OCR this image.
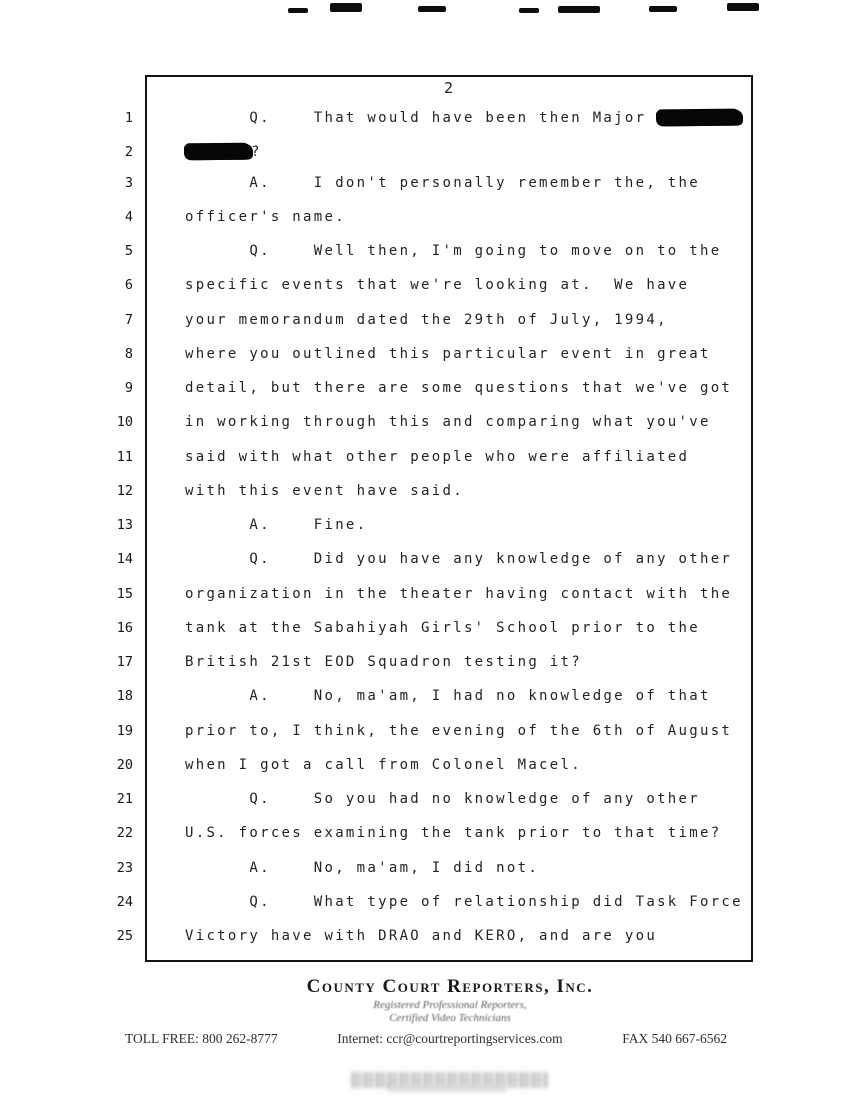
2
1	Q.    That would have been then Major
2	?
3	A.    I don't personally remember the, the
4	officer's name.
5	Q.    Well then, I'm going to move on to the
6	specific events that we're looking at.  We have
7	your memorandum dated the 29th of July, 1994,
8	where you outlined this particular event in great
9	detail, but there are some questions that we've got
10	in working through this and comparing what you've
11	said with what other people who were affiliated
12	with this event have said.
13	A.    Fine.
14	Q.    Did you have any knowledge of any other
15	organization in the theater having contact with the
16	tank at the Sabahiyah Girls' School prior to the
17	British 21st EOD Squadron testing it?
18	A.    No, ma'am, I had no knowledge of that
19	prior to, I think, the evening of the 6th of August
20	when I got a call from Colonel Macel.
21	Q.    So you had no knowledge of any other
22	U.S. forces examining the tank prior to that time?
23	A.    No, ma'am, I did not.
24	Q.    What type of relationship did Task Force
25	Victory have with DRAO and KERO, and are you
County Court Reporters, Inc.
Registered Professional Reporters,
Certified Video Technicians
TOLL FREE: 800 262-8777	Internet: ccr@courtreportingservices.com	FAX 540 667-6562
